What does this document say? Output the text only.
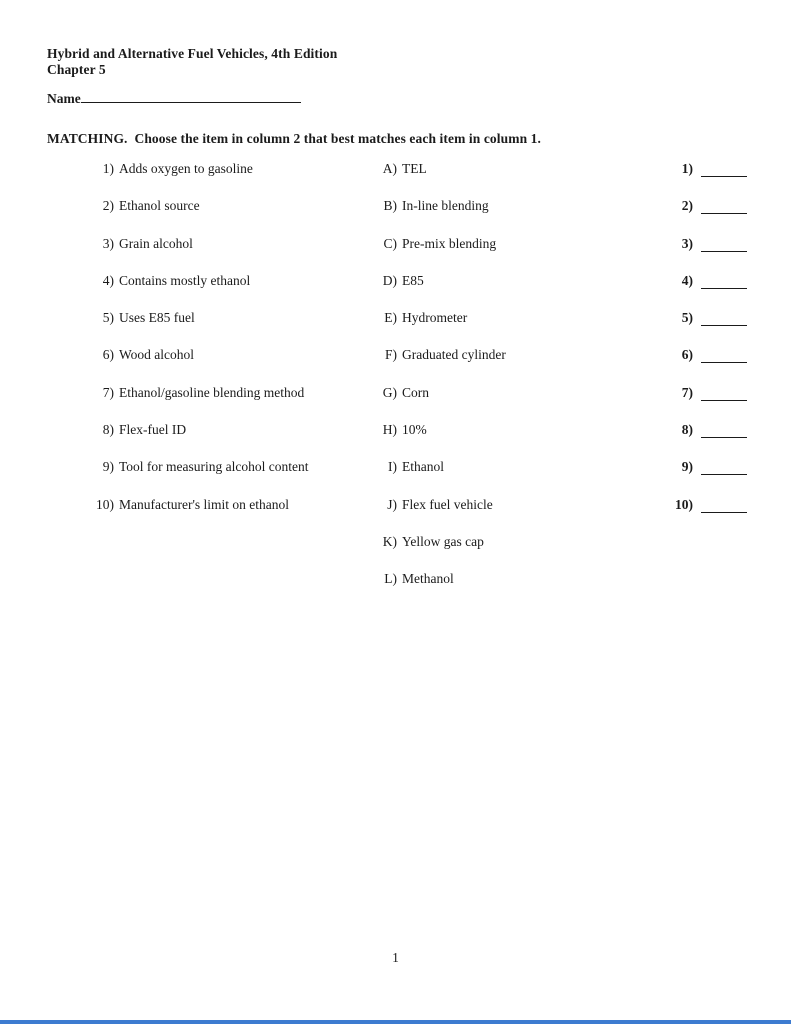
Hybrid and Alternative Fuel Vehicles, 4th Edition
Chapter 5
Name
MATCHING.  Choose the item in column 2 that best matches each item in column 1.
1) Adds oxygen to gasoline
2) Ethanol source
3) Grain alcohol
4) Contains mostly ethanol
5) Uses E85 fuel
6) Wood alcohol
7) Ethanol/gasoline blending method
8) Flex-fuel ID
9) Tool for measuring alcohol content
10) Manufacturer's limit on ethanol
A) TEL
B) In-line blending
C) Pre-mix blending
D) E85
E) Hydrometer
F) Graduated cylinder
G) Corn
H) 10%
I) Ethanol
J) Flex fuel vehicle
K) Yellow gas cap
L) Methanol
1)
2)
3)
4)
5)
6)
7)
8)
9)
10)
1
